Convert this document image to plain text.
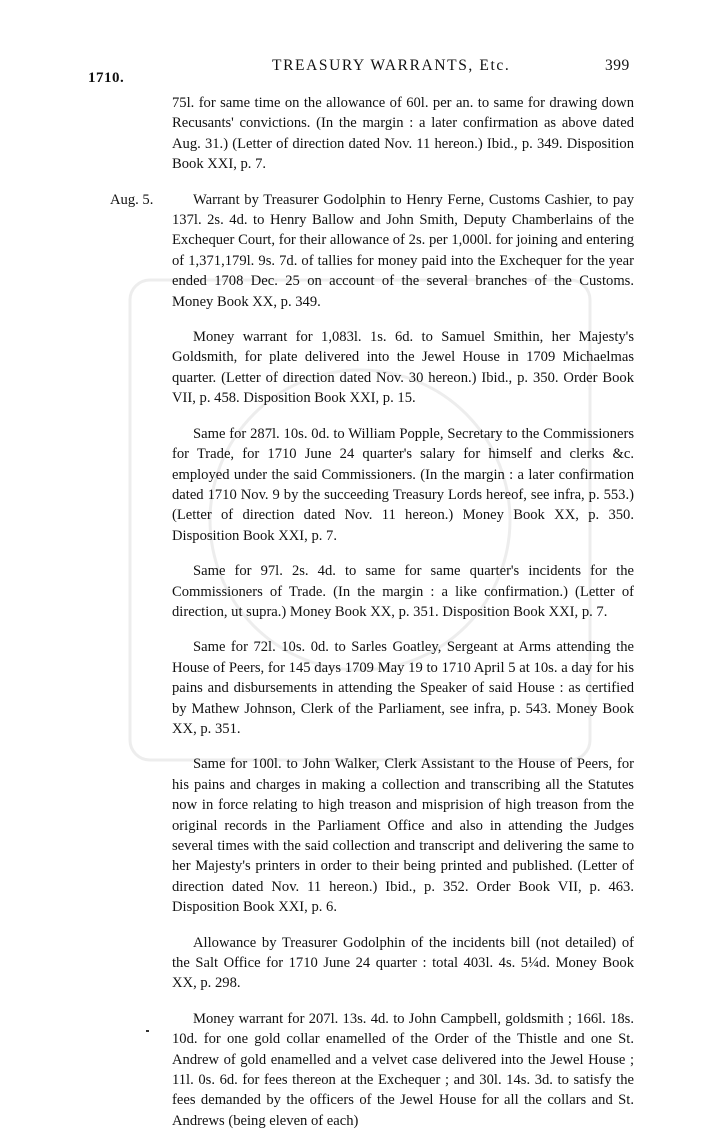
1710.
TREASURY WARRANTS, Etc.	399

75l. for same time on the allowance of 60l. per an. to same for drawing down Recusants' convictions. (In the margin : a later confirmation as above dated Aug. 31.) (Letter of direction dated Nov. 11 hereon.) Ibid., p. 349. Disposition Book XXI, p. 7.

Aug. 5.	Warrant by Treasurer Godolphin to Henry Ferne, Customs Cashier, to pay 137l. 2s. 4d. to Henry Ballow and John Smith, Deputy Chamberlains of the Exchequer Court, for their allowance of 2s. per 1,000l. for joining and entering of 1,371,179l. 9s. 7d. of tallies for money paid into the Exchequer for the year ended 1708 Dec. 25 on account of the several branches of the Customs. Money Book XX, p. 349.

Money warrant for 1,083l. 1s. 6d. to Samuel Smithin, her Majesty's Goldsmith, for plate delivered into the Jewel House in 1709 Michaelmas quarter. (Letter of direction dated Nov. 30 hereon.) Ibid., p. 350. Order Book VII, p. 458. Disposition Book XXI, p. 15.

Same for 287l. 10s. 0d. to William Popple, Secretary to the Commissioners for Trade, for 1710 June 24 quarter's salary for himself and clerks &c. employed under the said Commissioners. (In the margin : a later confirmation dated 1710 Nov. 9 by the succeeding Treasury Lords hereof, see infra, p. 553.) (Letter of direction dated Nov. 11 hereon.) Money Book XX, p. 350. Disposition Book XXI, p. 7.

Same for 97l. 2s. 4d. to same for same quarter's incidents for the Commissioners of Trade. (In the margin : a like confirmation.) (Letter of direction, ut supra.) Money Book XX, p. 351. Disposition Book XXI, p. 7.

Same for 72l. 10s. 0d. to Sarles Goatley, Sergeant at Arms attending the House of Peers, for 145 days 1709 May 19 to 1710 April 5 at 10s. a day for his pains and disbursements in attending the Speaker of said House : as certified by Mathew Johnson, Clerk of the Parliament, see infra, p. 543. Money Book XX, p. 351.

Same for 100l. to John Walker, Clerk Assistant to the House of Peers, for his pains and charges in making a collection and transcribing all the Statutes now in force relating to high treason and misprision of high treason from the original records in the Parliament Office and also in attending the Judges several times with the said collection and transcript and delivering the same to her Majesty's printers in order to their being printed and published. (Letter of direction dated Nov. 11 hereon.) Ibid., p. 352. Order Book VII, p. 463. Disposition Book XXI, p. 6.

Allowance by Treasurer Godolphin of the incidents bill (not detailed) of the Salt Office for 1710 June 24 quarter : total 403l. 4s. 5¼d. Money Book XX, p. 298.

Money warrant for 207l. 13s. 4d. to John Campbell, goldsmith ; 166l. 18s. 10d. for one gold collar enamelled of the Order of the Thistle and one St. Andrew of gold enamelled and a velvet case delivered into the Jewel House ; 11l. 0s. 6d. for fees thereon at the Exchequer ; and 30l. 14s. 3d. to satisfy the fees demanded by the officers of the Jewel House for all the collars and St. Andrews (being eleven of each)
